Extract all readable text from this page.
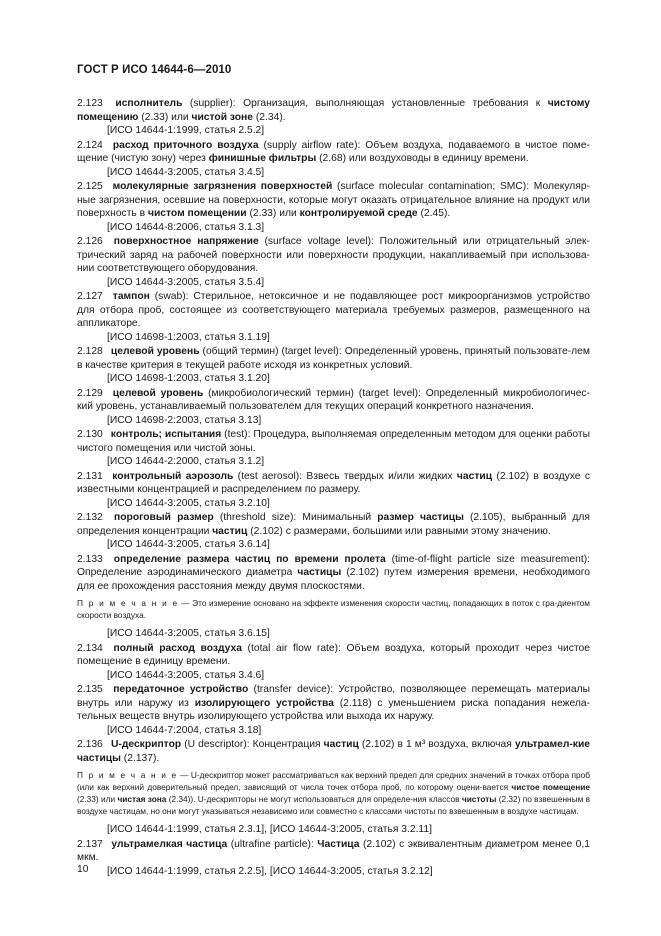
ГОСТ Р ИСО 14644-6—2010

2.123  исполнитель (supplier): Организация, выполняющая установленные требования к чистому помещению (2.33) или чистой зоне (2.34).

[ИСО 14644-1:1999, статья 2.5.2]

2.124  расход приточного воздуха (supply airflow rate): Объем воздуха, подаваемого в чистое поме-щение (чистую зону) через финишные фильтры (2.68) или воздуховоды в единицу времени.

[ИСО 14644-3:2005, статья 3.4.5]

2.125  молекулярные загрязнения поверхностей (surface molecular contamination; SMC): Молекуляр-ные загрязнения, осевшие на поверхности, которые могут оказать отрицательное влияние на продукт или поверхность в чистом помещении (2.33) или контролируемой среде (2.45).

[ИСО 14644-8:2006, статья 3.1.3]

2.126  поверхностное напряжение (surface voltage level): Положительный или отрицательный элек-трический заряд на рабочей поверхности или поверхности продукции, накапливаемый при использова-нии соответствующего оборудования.

[ИСО 14644-3:2005, статья 3.5.4]

2.127  тампон (swab): Стерильное, нетоксичное и не подавляющее рост микроорганизмов устройство для отбора проб, состоящее из соответствующего материала требуемых размеров, размещенного на аппликаторе.

[ИСО 14698-1:2003, статья 3.1.19]

2.128  целевой уровень (общий термин) (target level): Определенный уровень, принятый пользовате-лем в качестве критерия в текущей работе исходя из конкретных условий.

[ИСО 14698-1:2003, статья 3.1.20]

2.129  целевой уровень (микробиологический термин) (target level): Определенный микробиологичес-кий уровень, устанавливаемый пользователем для текущих операций конкретного назначения.

[ИСО 14698-2:2003, статья 3.13]

2.130  контроль; испытания (test): Процедура, выполняемая определенным методом для оценки работы чистого помещения или чистой зоны.

[ИСО 14644-2:2000, статья 3.1.2]

2.131  контрольный аэрозоль (test aerosol): Взвесь твердых и/или жидких частиц (2.102) в воздухе с известными концентрацией и распределением по размеру.

[ИСО 14644-3:2005, статья 3.2.10]

2.132  пороговый размер (threshold size): Минимальный размер частицы (2.105), выбранный для определения концентрации частиц (2.102) с размерами, большими или равными этому значению.

[ИСО 14644-3:2005, статья 3.6.14]

2.133  определение размера частиц по времени пролета (time-of-flight particle size measurement): Определение аэродинамического диаметра частицы (2.102) путем измерения времени, необходимого для ее прохождения расстояния между двумя плоскостями.

П р и м е ч а н и е — Это измерение основано на эффекте изменения скорости частиц, попадающих в поток с гра-диентом скорости воздуха.

[ИСО 14644-3:2005, статья 3.6.15]

2.134  полный расход воздуха (total air flow rate): Объем воздуха, который проходит через чистое помещение в единицу времени.

[ИСО 14644-3:2005, статья 3.4.6]

2.135  передаточное устройство (transfer device): Устройство, позволяющее перемещать материалы внутрь или наружу из изолирующего устройства (2.118) с уменьшением риска попадания нежела-тельных веществ внутрь изолирующего устройства или выхода их наружу.

[ИСО 14644-7:2004, статья 3.18]

2.136  U-дескриптор (U descriptor): Концентрация частиц (2.102) в 1 м³ воздуха, включая ультрамел-кие частицы (2.137).

П р и м е ч а н и е — U-дескриптор может рассматриваться как верхний предел для средних значений в точках отбора проб (или как верхний доверительный предел, зависящий от числа точек отбора проб, по которому оцени-вается чистое помещение (2.33) или чистая зона (2.34)). U-дескрипторы не могут использоваться для определе-ния классов чистоты (2.32) по взвешенным в воздухе частицам, но они могут указываться независимо или совместно с классами чистоты по взвешенным в воздухе частицам.

[ИСО 14644-1:1999, статья 2.3.1], [ИСО 14644-3:2005, статья 3.2.11]

2.137  ультрамелкая частица (ultrafine particle): Частица (2.102) с эквивалентным диаметром менее 0,1 мкм.

[ИСО 14644-1:1999, статья 2.2.5], [ИСО 14644-3:2005, статья 3.2.12]

10
